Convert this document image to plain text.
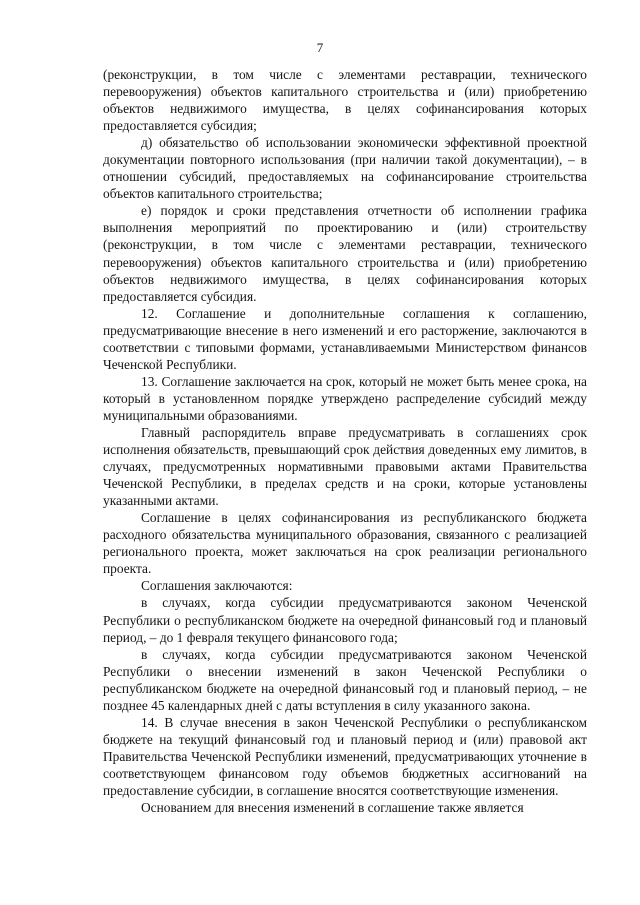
7

(реконструкции, в том числе с элементами реставрации, технического перевооружения) объектов капитального строительства и (или) приобретению объектов недвижимого имущества, в целях софинансирования которых предоставляется субсидия;

д) обязательство об использовании экономически эффективной проектной документации повторного использования (при наличии такой документации), – в отношении субсидий, предоставляемых на софинансирование строительства объектов капитального строительства;

е) порядок и сроки представления отчетности об исполнении графика выполнения мероприятий по проектированию и (или) строительству (реконструкции, в том числе с элементами реставрации, технического перевооружения) объектов капитального строительства и (или) приобретению объектов недвижимого имущества, в целях софинансирования которых предоставляется субсидия.

12. Соглашение и дополнительные соглашения к соглашению, предусматривающие внесение в него изменений и его расторжение, заключаются в соответствии с типовыми формами, устанавливаемыми Министерством финансов Чеченской Республики.

13. Соглашение заключается на срок, который не может быть менее срока, на который в установленном порядке утверждено распределение субсидий между муниципальными образованиями.

Главный распорядитель вправе предусматривать в соглашениях срок исполнения обязательств, превышающий срок действия доведенных ему лимитов, в случаях, предусмотренных нормативными правовыми актами Правительства Чеченской Республики, в пределах средств и на сроки, которые установлены указанными актами.

Соглашение в целях софинансирования из республиканского бюджета расходного обязательства муниципального образования, связанного с реализацией регионального проекта, может заключаться на срок реализации регионального проекта.

Соглашения заключаются:

в случаях, когда субсидии предусматриваются законом Чеченской Республики о республиканском бюджете на очередной финансовый год и плановый период, – до 1 февраля текущего финансового года;

в случаях, когда субсидии предусматриваются законом Чеченской Республики о внесении изменений в закон Чеченской Республики о республиканском бюджете на очередной финансовый год и плановый период, – не позднее 45 календарных дней с даты вступления в силу указанного закона.

14. В случае внесения в закон Чеченской Республики о республиканском бюджете на текущий финансовый год и плановый период и (или) правовой акт Правительства Чеченской Республики изменений, предусматривающих уточнение в соответствующем финансовом году объемов бюджетных ассигнований на предоставление субсидии, в соглашение вносятся соответствующие изменения.

Основанием для внесения изменений в соглашение также является
